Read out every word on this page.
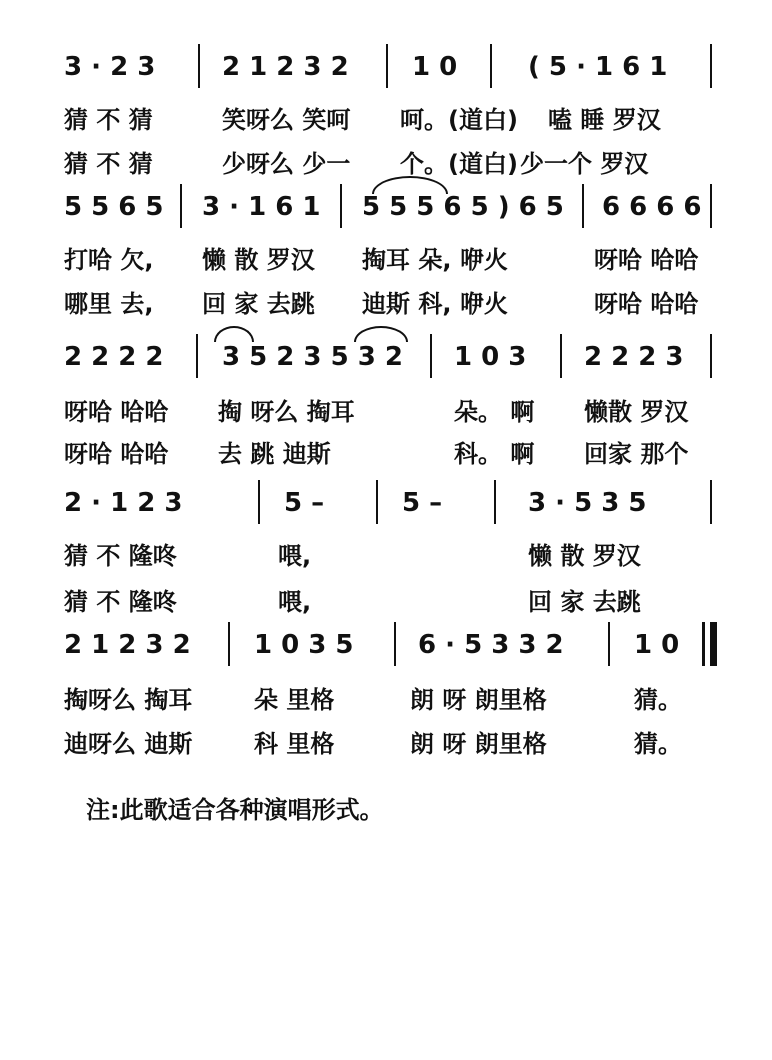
3 · 2 3	2 1 2 3 2 1 0	( 5 · 1 6 1
猜 不 猜	笑呀么 笑呵 呵。(道白) 嗑 睡 罗汉
猜 不 猜	少呀么 少一 个。(道白) 少一个 罗汉
5 5 6 5 3 · 1 6 1 5 5 5 6 5 ) 6 5 6 6 6 6
打哈 欠, 懒 散 罗汉 掏耳 朵, 咿火	呀哈 哈哈
哪里 去, 回 家 去跳 迪斯 科, 咿火	呀哈 哈哈
2 2 2 2 3 5 2 3 5 3 2 1 0 3 2 2 2 3
呀哈 哈哈 掏 呀么 掏耳	朵。 啊 懒散 罗汉
呀哈 哈哈 去 跳 迪斯	科。 啊 回家 那个
2 · 1 2 3	5 –	5 –	3 · 5 3 5
猜 不 隆咚	喂,	懒 散 罗汉
猜 不 隆咚	喂,	回 家 去跳
2 1 2 3 2 1 0 3 5 6 · 5 3 3 2	1 0
掏呀么 掏耳	朵 里格	朗 呀 朗里格	猜。
迪呀么 迪斯	科 里格	朗 呀 朗里格	猜。
注:此歌适合各种演唱形式。
